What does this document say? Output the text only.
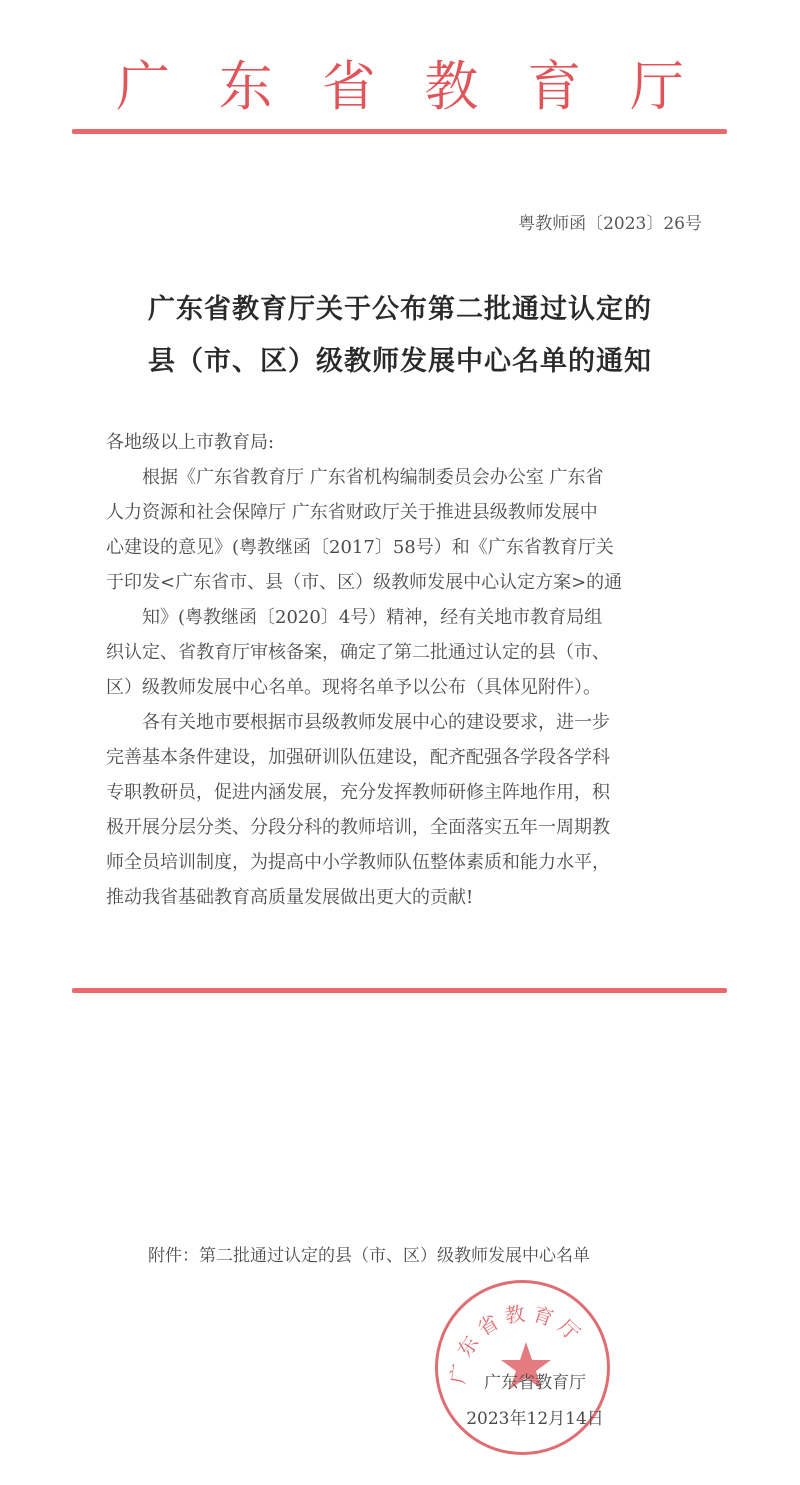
广 东 省 教 育 厅
粤教师函〔2023〕26号
广东省教育厅关于公布第二批通过认定的
县（市、区）级教师发展中心名单的通知

各地级以上市教育局:

根据《广东省教育厅 广东省机构编制委员会办公室 广东省
人力资源和社会保障厅 广东省财政厅关于推进县级教师发展中
心建设的意见》(粤教继函〔2017〕58号）和《广东省教育厅关
于印发<广东省市、县（市、区）级教师发展中心认定方案>的通
知》(粤教继函〔2020〕4号）精神，经有关地市教育局组
织认定、省教育厅审核备案，确定了第二批通过认定的县（市、
区）级教师发展中心名单。现将名单予以公布（具体见附件）。

各有关地市要根据市县级教师发展中心的建设要求，进一步
完善基本条件建设，加强研训队伍建设，配齐配强各学段各学科
专职教研员，促进内涵发展，充分发挥教师研修主阵地作用，积
极开展分层分类、分段分科的教师培训，全面落实五年一周期教
师全员培训制度，为提高中小学教师队伍整体素质和能力水平，
推动我省基础教育高质量发展做出更大的贡献!

附件：第二批通过认定的县（市、区）级教师发展中心名单
广东省教育厅
广东省教育厅
2023年12月14日
